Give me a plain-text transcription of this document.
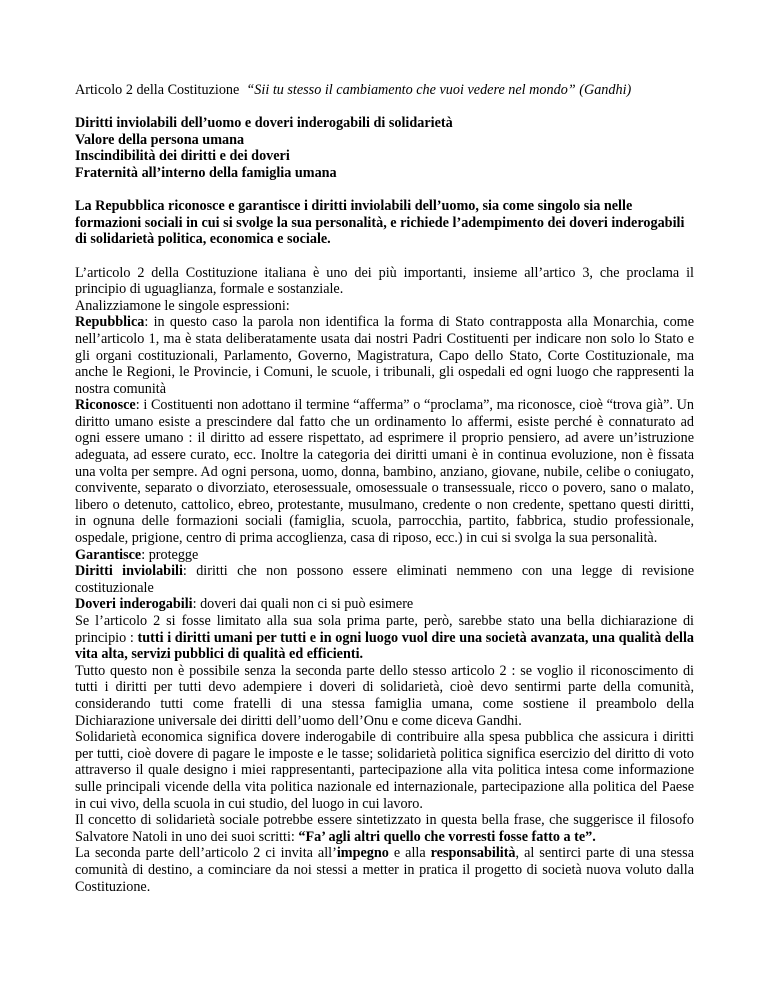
Articolo 2 della Costituzione “Sii tu stesso il cambiamento che vuoi vedere nel mondo” (Gandhi)

Diritti inviolabili dell’uomo e doveri inderogabili di solidarietà
Valore della persona umana
Inscindibilità dei diritti e dei doveri
Fraternità all’interno della famiglia umana

La Repubblica riconosce e garantisce i diritti inviolabili dell’uomo, sia come singolo sia nelle formazioni sociali in cui si svolge la sua personalità, e richiede l’adempimento dei doveri inderogabili di solidarietà politica, economica e sociale.

L’articolo 2 della Costituzione italiana è uno dei più importanti, insieme all’artico 3, che proclama il principio di uguaglianza, formale e sostanziale.

Analizziamone le singole espressioni:

Repubblica: in questo caso la parola non identifica la forma di Stato contrapposta alla Monarchia, come nell’articolo 1, ma è stata deliberatamente usata dai nostri Padri Costituenti per indicare non solo lo Stato e gli organi costituzionali, Parlamento, Governo, Magistratura, Capo dello Stato, Corte Costituzionale, ma anche le Regioni, le Provincie, i Comuni, le scuole, i tribunali, gli ospedali ed ogni luogo che rappresenti la nostra comunità

Riconosce: i Costituenti non adottano il termine “afferma” o “proclama”, ma riconosce, cioè “trova già”. Un diritto umano esiste a prescindere dal fatto che un ordinamento lo affermi, esiste perché è connaturato ad ogni essere umano : il diritto ad essere rispettato, ad esprimere il proprio pensiero, ad avere un’istruzione adeguata, ad essere curato, ecc. Inoltre la categoria dei diritti umani è in continua evoluzione, non è fissata una volta per sempre. Ad ogni persona, uomo, donna, bambino, anziano, giovane, nubile, celibe o coniugato, convivente, separato o divorziato, eterosessuale, omosessuale o transessuale, ricco o povero, sano o malato, libero o detenuto, cattolico, ebreo, protestante, musulmano, credente o non credente, spettano questi diritti, in ognuna delle formazioni sociali (famiglia, scuola, parrocchia, partito, fabbrica, studio professionale, ospedale, prigione, centro di prima accoglienza, casa di riposo, ecc.) in cui si svolga la sua personalità.

Garantisce: protegge

Diritti inviolabili: diritti che non possono essere eliminati nemmeno con una legge di revisione costituzionale

Doveri inderogabili: doveri dai quali non ci si può esimere

Se l’articolo 2 si fosse limitato alla sua sola prima parte, però, sarebbe stato una bella dichiarazione di principio : tutti i diritti umani per tutti e in ogni luogo vuol dire una società avanzata, una qualità della vita alta, servizi pubblici di qualità ed efficienti.

Tutto questo non è possibile senza la seconda parte dello stesso articolo 2 : se voglio il riconoscimento di tutti i diritti per tutti devo adempiere i doveri di solidarietà, cioè devo sentirmi parte della comunità, considerando tutti come fratelli di una stessa famiglia umana, come sostiene il preambolo della Dichiarazione universale dei diritti dell’uomo dell’Onu e come diceva Gandhi.

Solidarietà economica significa dovere inderogabile di contribuire alla spesa pubblica che assicura i diritti per tutti, cioè dovere di pagare le imposte e le tasse; solidarietà politica significa esercizio del diritto di voto attraverso il quale designo i miei rappresentanti, partecipazione alla vita politica intesa come informazione sulle principali vicende della vita politica nazionale ed internazionale, partecipazione alla politica del Paese in cui vivo, della scuola in cui studio, del luogo in cui lavoro.

Il concetto di solidarietà sociale potrebbe essere sintetizzato in questa bella frase, che suggerisce il filosofo Salvatore Natoli in uno dei suoi scritti: “Fa’ agli altri quello che vorresti fosse fatto a te”.

La seconda parte dell’articolo 2 ci invita all’impegno e alla responsabilità, al sentirci parte di una stessa comunità di destino, a cominciare da noi stessi a metter in pratica il progetto di società nuova voluto dalla Costituzione.
